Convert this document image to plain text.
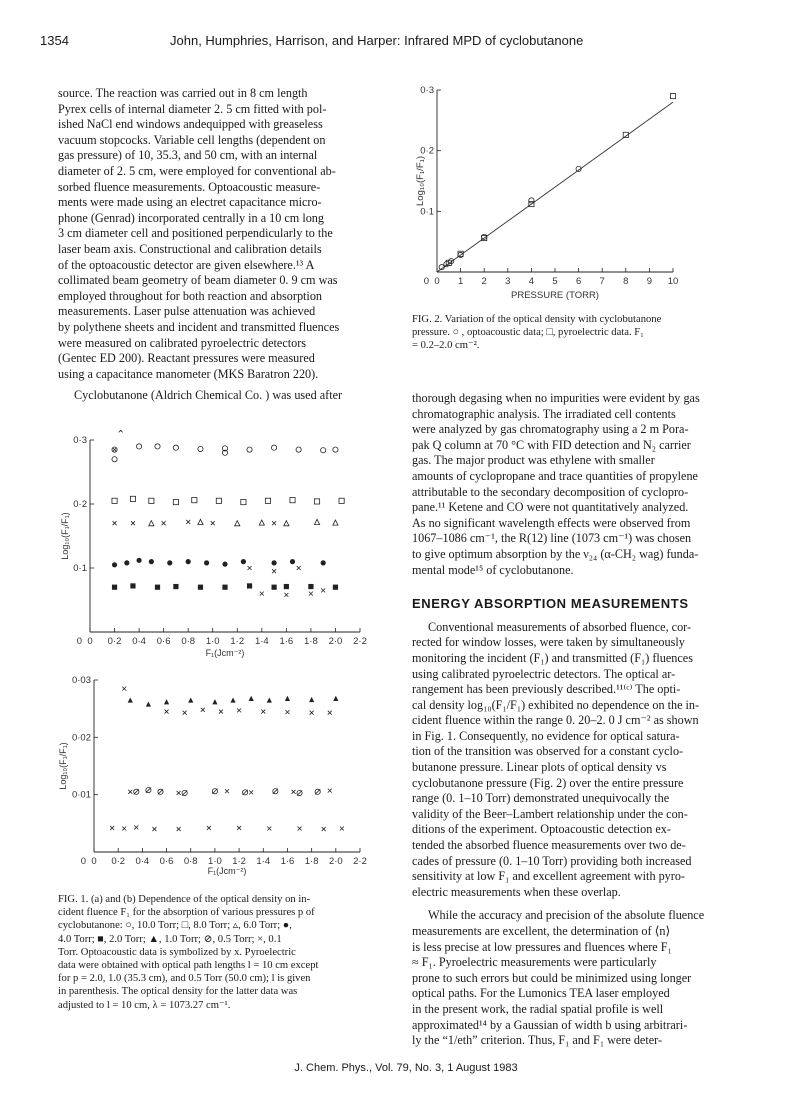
1354	John, Humphries, Harrison, and Harper: Infrared MPD of cyclobutanone

source. The reaction was carried out in 8 cm length
Pyrex cells of internal diameter 2. 5 cm fitted with pol-
ished NaCl end windows andequipped with greaseless
vacuum stopcocks. Variable cell lengths (dependent on
gas pressure) of 10, 35.3, and 50 cm, with an internal
diameter of 2. 5 cm, were employed for conventional ab-
sorbed fluence measurements. Optoacoustic measure-
ments were made using an electret capacitance micro-
phone (Genrad) incorporated centrally in a 10 cm long
3 cm diameter cell and positioned perpendicularly to the
laser beam axis. Constructional and calibration details
of the optoacoustic detector are given elsewhere.¹³ A
collimated beam geometry of beam diameter 0. 9 cm was
employed throughout for both reaction and absorption
measurements. Laser pulse attenuation was achieved
by polythene sheets and incident and transmitted fluences
were measured on calibrated pyroelectric detectors
(Gentec ED 200). Reactant pressures were measured
using a capacitance manometer (MKS Baratron 220).

Cyclobutanone (Aldrich Chemical Co. ) was used after

0 0·2 0·4 0·6 0·8 1·0 1·2 1·4 1·6 1·8 2·0 2·2
0·1
0·2
0·3
0
F₁(Jcm⁻²)
Log₁₀(F₁/F₁)
0 0·2 0·4 0·6 0·8 1·0 1·2 1·4 1·6 1·8 2·0 2·2
0·01
0·02
0·03
0
F₁(Jcm⁻²)
Log₁₀(F₁/F₁)
FIG. 1. (a) and (b) Dependence of the optical density on in-
cident fluence F₁ for the absorption of various pressures p of
cyclobutanone: ○, 10.0 Torr; □, 8.0 Torr; ▵, 6.0 Torr; ●,
4.0 Torr; ■, 2.0 Torr; ▲, 1.0 Torr; ⊘, 0.5 Torr; ×, 0.1
Torr. Optoacoustic data is symbolized by x. Pyroelectric
data were obtained with optical path lengths l = 10 cm except
for p = 2.0, 1.0 (35.3 cm), and 0.5 Torr (50.0 cm); l is given
in parenthesis. The optical density for the latter data was
adjusted to l = 10 cm, λ = 1073.27 cm⁻¹.
0 1 2 3 4 5 6 7 8 9 10
0·1
0·2
0·3
0
PRESSURE (TORR)
Log₁₀(F₁/F₁)
FIG. 2. Variation of the optical density with cyclobutanone
pressure. ○ , optoacoustic data; □, pyroelectric data. F₁
= 0.2–2.0 cm⁻².

thorough degasing when no impurities were evident by gas
chromatographic analysis. The irradiated cell contents
were analyzed by gas chromatography using a 2 m Pora-
pak Q column at 70 °C with FID detection and N₂ carrier
gas. The major product was ethylene with smaller
amounts of cyclopropane and trace quantities of propylene
attributable to the secondary decomposition of cyclopro-
pane.¹¹ Ketene and CO were not quantitatively analyzed.
As no significant wavelength effects were observed from
1067–1086 cm⁻¹, the R(12) line (1073 cm⁻¹) was chosen
to give optimum absorption by the ν₂₄ (α-CH₂ wag) funda-
mental mode¹⁵ of cyclobutanone.

ENERGY ABSORPTION MEASUREMENTS

Conventional measurements of absorbed fluence, cor-
rected for window losses, were taken by simultaneously
monitoring the incident (F₁) and transmitted (F₁) fluences
using calibrated pyroelectric detectors. The optical ar-
rangement has been previously described.¹¹⁽ᶜ⁾ The opti-
cal density log₁₀(F₁/F₁) exhibited no dependence on the in-
cident fluence within the range 0. 20–2. 0 J cm⁻² as shown
in Fig. 1. Consequently, no evidence for optical satura-
tion of the transition was observed for a constant cyclo-
butanone pressure. Linear plots of optical density vs
cyclobutanone pressure (Fig. 2) over the entire pressure
range (0. 1–10 Torr) demonstrated unequivocally the
validity of the Beer–Lambert relationship under the con-
ditions of the experiment. Optoacoustic detection ex-
tended the absorbed fluence measurements over two de-
cades of pressure (0. 1–10 Torr) providing both increased
sensitivity at low F₁ and excellent agreement with pyro-
electric measurements when these overlap.

While the accuracy and precision of the absolute fluence
measurements are excellent, the determination of ⟨n⟩
is less precise at low pressures and fluences where F₁
≈ F₁. Pyroelectric measurements were particularly
prone to such errors but could be minimized using longer
optical paths. For the Lumonics TEA laser employed
in the present work, the radial spatial profile is well
approximated¹⁴ by a Gaussian of width b using arbitrari-
ly the “1/eth” criterion. Thus, F₁ and F₁ were deter-

J. Chem. Phys., Vol. 79, No. 3, 1 August 1983
